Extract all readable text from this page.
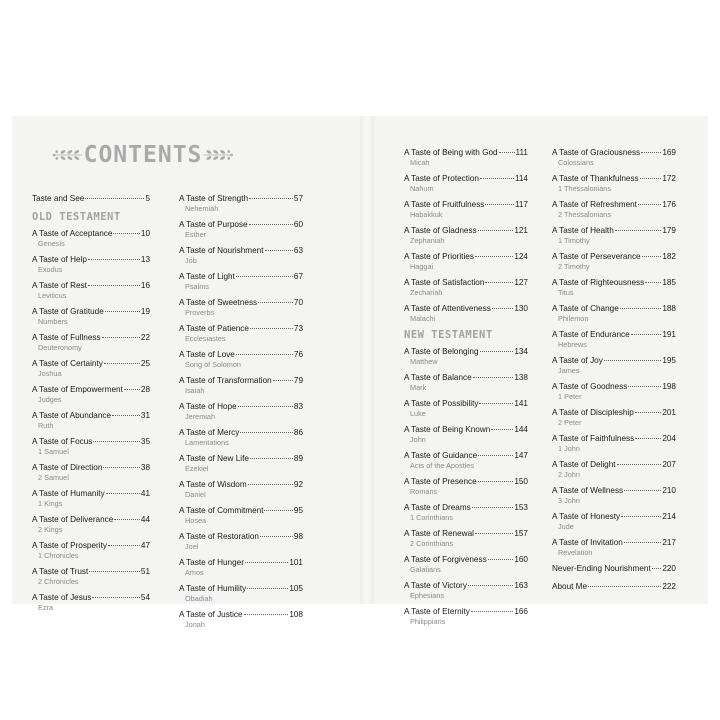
CONTENTS
Taste and See	5
OLD TESTAMENT
A Taste of Acceptance	10
Genesis
A Taste of Help	13
Exodus
A Taste of Rest	16
Leviticus
A Taste of Gratitude	19
Numbers
A Taste of Fullness	22
Deuteronomy
A Taste of Certainty	25
Joshua
A Taste of Empowerment 28
Judges
A Taste of Abundance	31
Ruth
A Taste of Focus	35
1 Samuel
A Taste of Direction	38
2 Samuel
A Taste of Humanity	41
1 Kings
A Taste of Deliverance	44
2 Kings
A Taste of Prosperity	47
1 Chronicles
A Taste of Trust	51
2 Chronicles
A Taste of Jesus	54
Ezra
A Taste of Strength	57
Nehemiah
A Taste of Purpose	60
Esther
A Taste of Nourishment	63
Job
A Taste of Light	67
Psalms
A Taste of Sweetness	70
Proverbs
A Taste of Patience	73
Ecclesiastes
A Taste of Love	76
Song of Solomon
A Taste of Transformation	79
Isaiah
A Taste of Hope	83
Jeremiah
A Taste of Mercy	86
Lamentations
A Taste of New Life	89
Ezekiel
A Taste of Wisdom	92
Daniel
A Taste of Commitment	95
Hosea
A Taste of Restoration	98
Joel
A Taste of Hunger	101
Amos
A Taste of Humility	105
Obadiah
A Taste of Justice	108
Jonah
A Taste of Being with God 111
Micah
A Taste of Protection	114
Nahum
A Taste of Fruitfulness	117
Habakkuk
A Taste of Gladness	121
Zephaniah
A Taste of Priorities	124
Haggai
A Taste of Satisfaction	127
Zechariah
A Taste of Attentiveness	130
Malachi
NEW TESTAMENT
A Taste of Belonging	134
Matthew
A Taste of Balance	138
Mark
A Taste of Possibility	141
Luke
A Taste of Being Known	144
John
A Taste of Guidance	147
Acts of the Apostles
A Taste of Presence	150
Romans
A Taste of Dreams	153
1 Corinthians
A Taste of Renewal	157
2 Corinthians
A Taste of Forgiveness	160
Galatians
A Taste of Victory	163
Ephesians
A Taste of Eternity	166
Philippians
A Taste of Graciousness	169
Colossians
A Taste of Thankfulness	172
1 Thessalonians
A Taste of Refreshment	176
2 Thessalonians
A Taste of Health	179
1 Timothy
A Taste of Perseverance	182
2 Timothy
A Taste of Righteousness 185
Titus
A Taste of Change	188
Philemon
A Taste of Endurance	191
Hebrews
A Taste of Joy	195
James
A Taste of Goodness	198
1 Peter
A Taste of Discipleship	201
2 Peter
A Taste of Faithfulness	204
1 John
A Taste of Delight	207
2 John
A Taste of Wellness	210
3 John
A Taste of Honesty	214
Jude
A Taste of Invitation	217
Revelation
Never-Ending Nourishment 220
About Me	222
